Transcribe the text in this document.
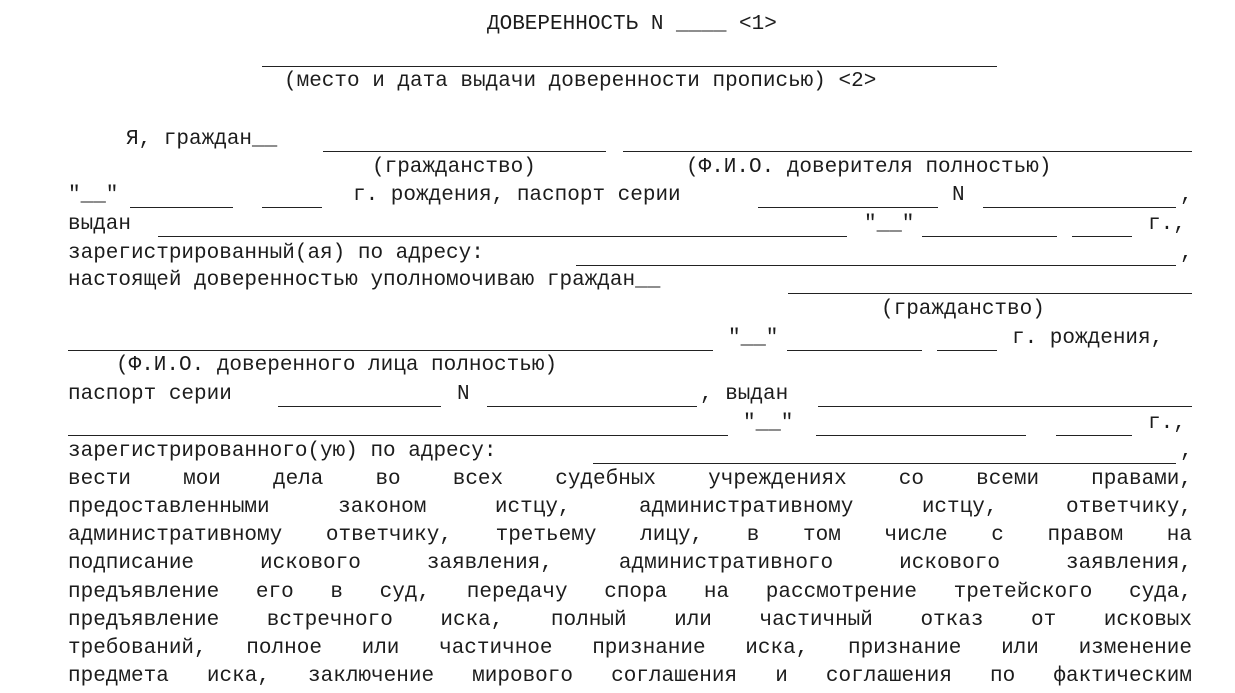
ДОВЕРЕННОСТЬ N ____ <1>
(место и дата выдачи доверенности прописью) <2>
Я, граждан__
(гражданство)	(Ф.И.О. доверителя полностью)
"__"	г. рождения, паспорт серии	N	,
выдан	"__"	г.,
зарегистрированный(ая) по адресу:	,
настоящей доверенностью уполномочиваю граждан__
(гражданство)
"__"	г. рождения,
(Ф.И.О. доверенного лица полностью)
паспорт серии	N	, выдан
"__"	г.,
зарегистрированного(ую) по адресу:	,
вести мои дела во всех судебных учреждениях со всеми правами,
предоставленными законом истцу, административному истцу, ответчику,
административному ответчику, третьему лицу, в том числе с правом на
подписание искового заявления, административного искового заявления,
предъявление его в суд, передачу спора на рассмотрение третейского суда,
предъявление встречного иска, полный или частичный отказ от исковых
требований, полное или частичное признание иска, признание или изменение
предмета иска, заключение мирового соглашения и соглашения по фактическим
